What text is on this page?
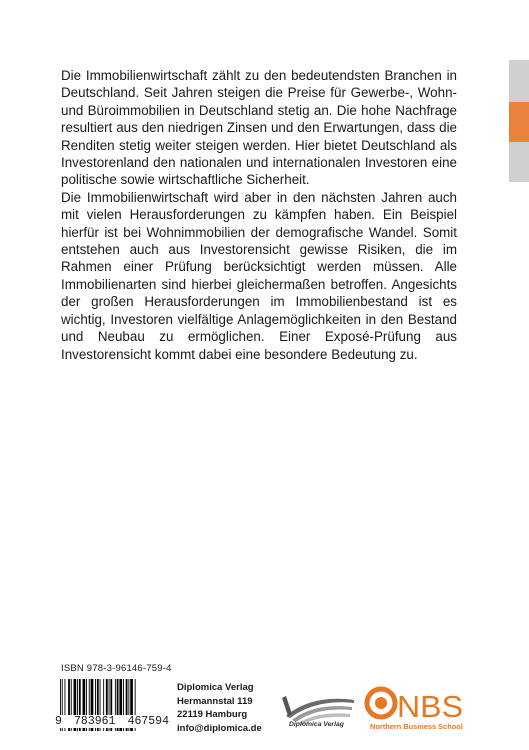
Die Immobilienwirtschaft zählt zu den bedeutendsten Branchen in Deutschland. Seit Jahren steigen die Preise für Gewerbe-, Wohn- und Büroimmobilien in Deutschland stetig an. Die hohe Nachfrage resultiert aus den niedrigen Zinsen und den Erwartungen, dass die Renditen stetig weiter steigen werden. Hier bietet Deutschland als Investorenland den nationalen und internationalen Investoren eine politische sowie wirtschaftliche Sicherheit.

Die Immobilienwirtschaft wird aber in den nächsten Jahren auch mit vielen Herausforderungen zu kämpfen haben. Ein Beispiel hierfür ist bei Wohnimmobilien der demografische Wandel. Somit entstehen auch aus Investorensicht gewisse Risiken, die im Rahmen einer Prüfung berücksichtigt werden müssen. Alle Immobilienarten sind hierbei gleichermaßen betroffen. Angesichts der großen Herausforderungen im Immobilienbestand ist es wichtig, Investoren vielfältige Anlagemöglichkeiten in den Bestand und Neubau zu ermöglichen. Einer Exposé-Prüfung aus Investorensicht kommt dabei eine besondere Bedeutung zu.

ISBN 978-3-96146-759-4
9 783961 467594
Diplomica Verlag
Hermannstal 119
22119 Hamburg
info@diplomica.de	Diplomica Verlag
NBS
Northern Business School
